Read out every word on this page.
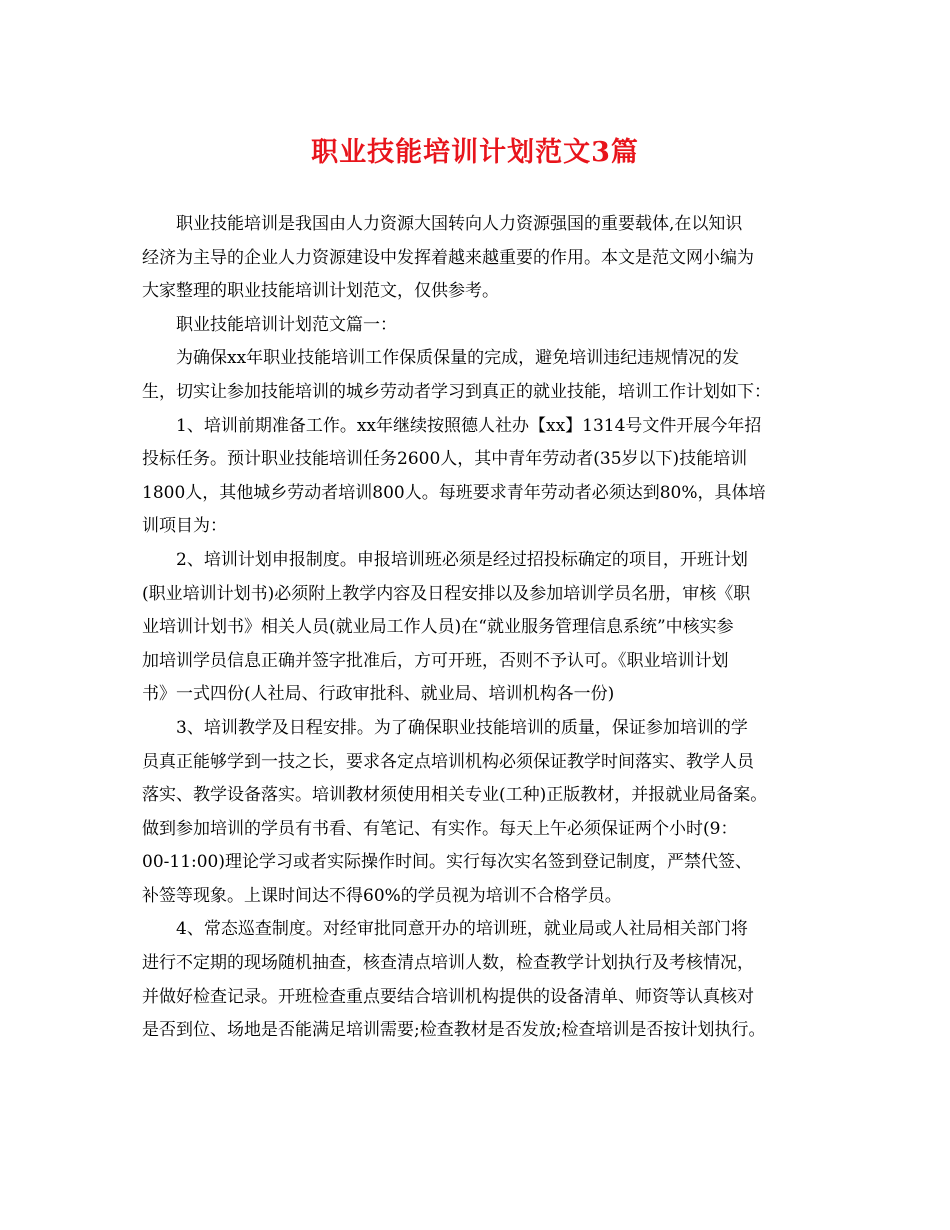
职业技能培训计划范文3篇
职业技能培训是我国由人力资源大国转向人力资源强国的重要载体,在以知识
经济为主导的企业人力资源建设中发挥着越来越重要的作用。本文是范文网小编为
大家整理的职业技能培训计划范文，仅供参考。
职业技能培训计划范文篇一：
为确保xx年职业技能培训工作保质保量的完成，避免培训违纪违规情况的发
生，切实让参加技能培训的城乡劳动者学习到真正的就业技能，培训工作计划如下：
1、培训前期准备工作。xx年继续按照德人社办【xx】1314号文件开展今年招
投标任务。预计职业技能培训任务2600人，其中青年劳动者(35岁以下)技能培训
1800人，其他城乡劳动者培训800人。每班要求青年劳动者必须达到80%，具体培
训项目为：
2、培训计划申报制度。申报培训班必须是经过招投标确定的项目，开班计划
(职业培训计划书)必须附上教学内容及日程安排以及参加培训学员名册，审核《职
业培训计划书》相关人员(就业局工作人员)在“就业服务管理信息系统”中核实参
加培训学员信息正确并签字批准后，方可开班，否则不予认可。《职业培训计划
书》一式四份(人社局、行政审批科、就业局、培训机构各一份)
3、培训教学及日程安排。为了确保职业技能培训的质量，保证参加培训的学
员真正能够学到一技之长，要求各定点培训机构必须保证教学时间落实、教学人员
落实、教学设备落实。培训教材须使用相关专业(工种)正版教材，并报就业局备案。
做到参加培训的学员有书看、有笔记、有实作。每天上午必须保证两个小时(9：
00-11:00)理论学习或者实际操作时间。实行每次实名签到登记制度，严禁代签、
补签等现象。上课时间达不得60%的学员视为培训不合格学员。
4、常态巡查制度。对经审批同意开办的培训班，就业局或人社局相关部门将
进行不定期的现场随机抽查，核查清点培训人数，检查教学计划执行及考核情况，
并做好检查记录。开班检查重点要结合培训机构提供的设备清单、师资等认真核对
是否到位、场地是否能满足培训需要;检查教材是否发放;检查培训是否按计划执行。
